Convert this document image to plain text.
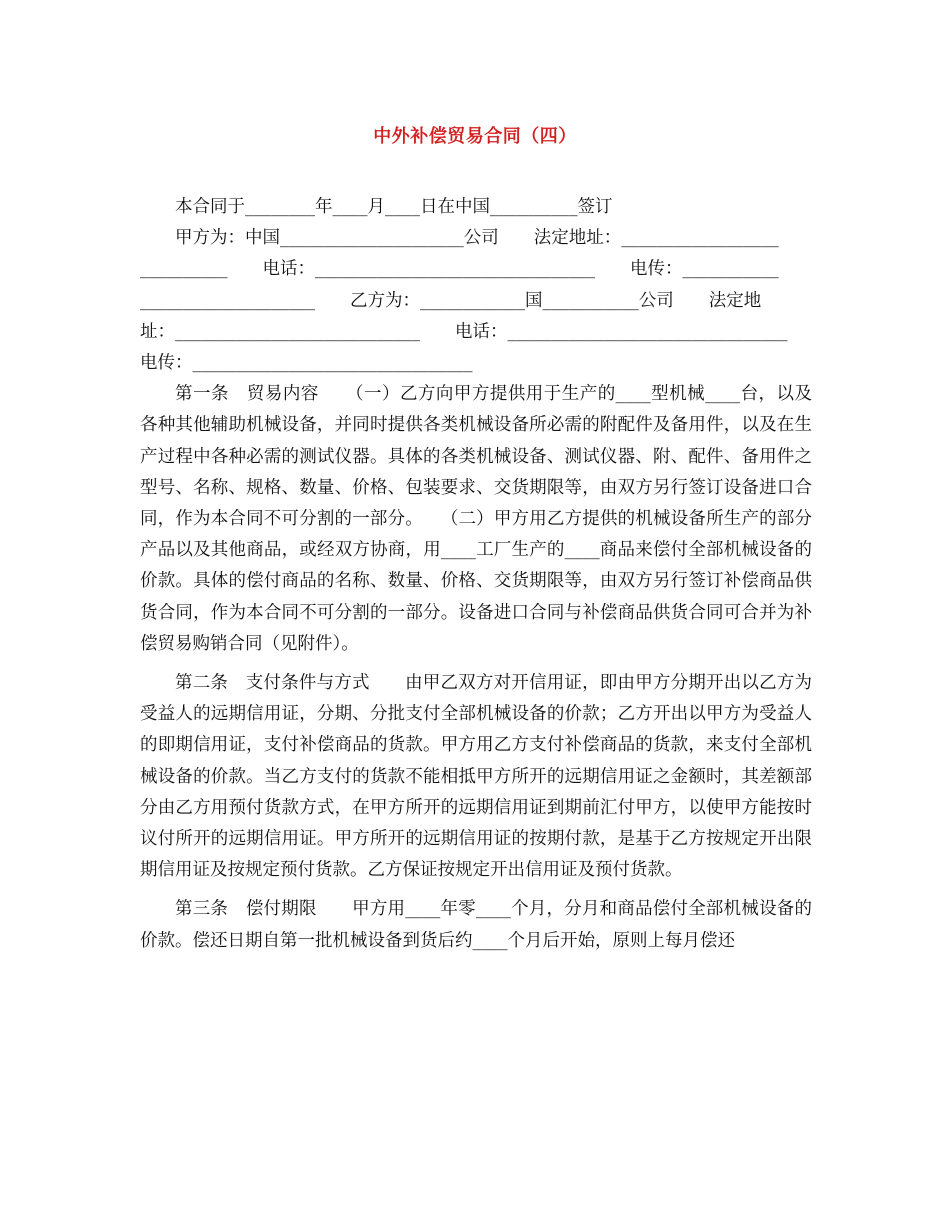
中外补偿贸易合同（四）

本合同于________年____月____日在中国__________签订

甲方为：中国_____________________公司　　法定地址：__________________

__________　　电话：________________________________　　电传：___________

____________________　　乙方为：____________国___________公司　　法定地

址：____________________________　　电话：________________________________

电传：________________________________

第一条　贸易内容　　（一）乙方向甲方提供用于生产的____型机械____台，以及各种其他辅助机械设备，并同时提供各类机械设备所必需的附配件及备用件，以及在生产过程中各种必需的测试仪器。具体的各类机械设备、测试仪器、附、配件、备用件之型号、名称、规格、数量、价格、包装要求、交货期限等，由双方另行签订设备进口合同，作为本合同不可分割的一部分。　　（二）甲方用乙方提供的机械设备所生产的部分产品以及其他商品，或经双方协商，用____工厂生产的____商品来偿付全部机械设备的价款。具体的偿付商品的名称、数量、价格、交货期限等，由双方另行签订补偿商品供货合同，作为本合同不可分割的一部分。设备进口合同与补偿商品供货合同可合并为补偿贸易购销合同（见附件）。

第二条　支付条件与方式　　由甲乙双方对开信用证，即由甲方分期开出以乙方为受益人的远期信用证，分期、分批支付全部机械设备的价款；乙方开出以甲方为受益人的即期信用证，支付补偿商品的货款。甲方用乙方支付补偿商品的货款，来支付全部机械设备的价款。当乙方支付的货款不能相抵甲方所开的远期信用证之金额时，其差额部分由乙方用预付货款方式，在甲方所开的远期信用证到期前汇付甲方，以使甲方能按时议付所开的远期信用证。甲方所开的远期信用证的按期付款，是基于乙方按规定开出限期信用证及按规定预付货款。乙方保证按规定开出信用证及预付货款。

第三条　偿付期限　　甲方用____年零____个月，分月和商品偿付全部机械设备的价款。偿还日期自第一批机械设备到货后约____个月后开始，原则上每月偿还
